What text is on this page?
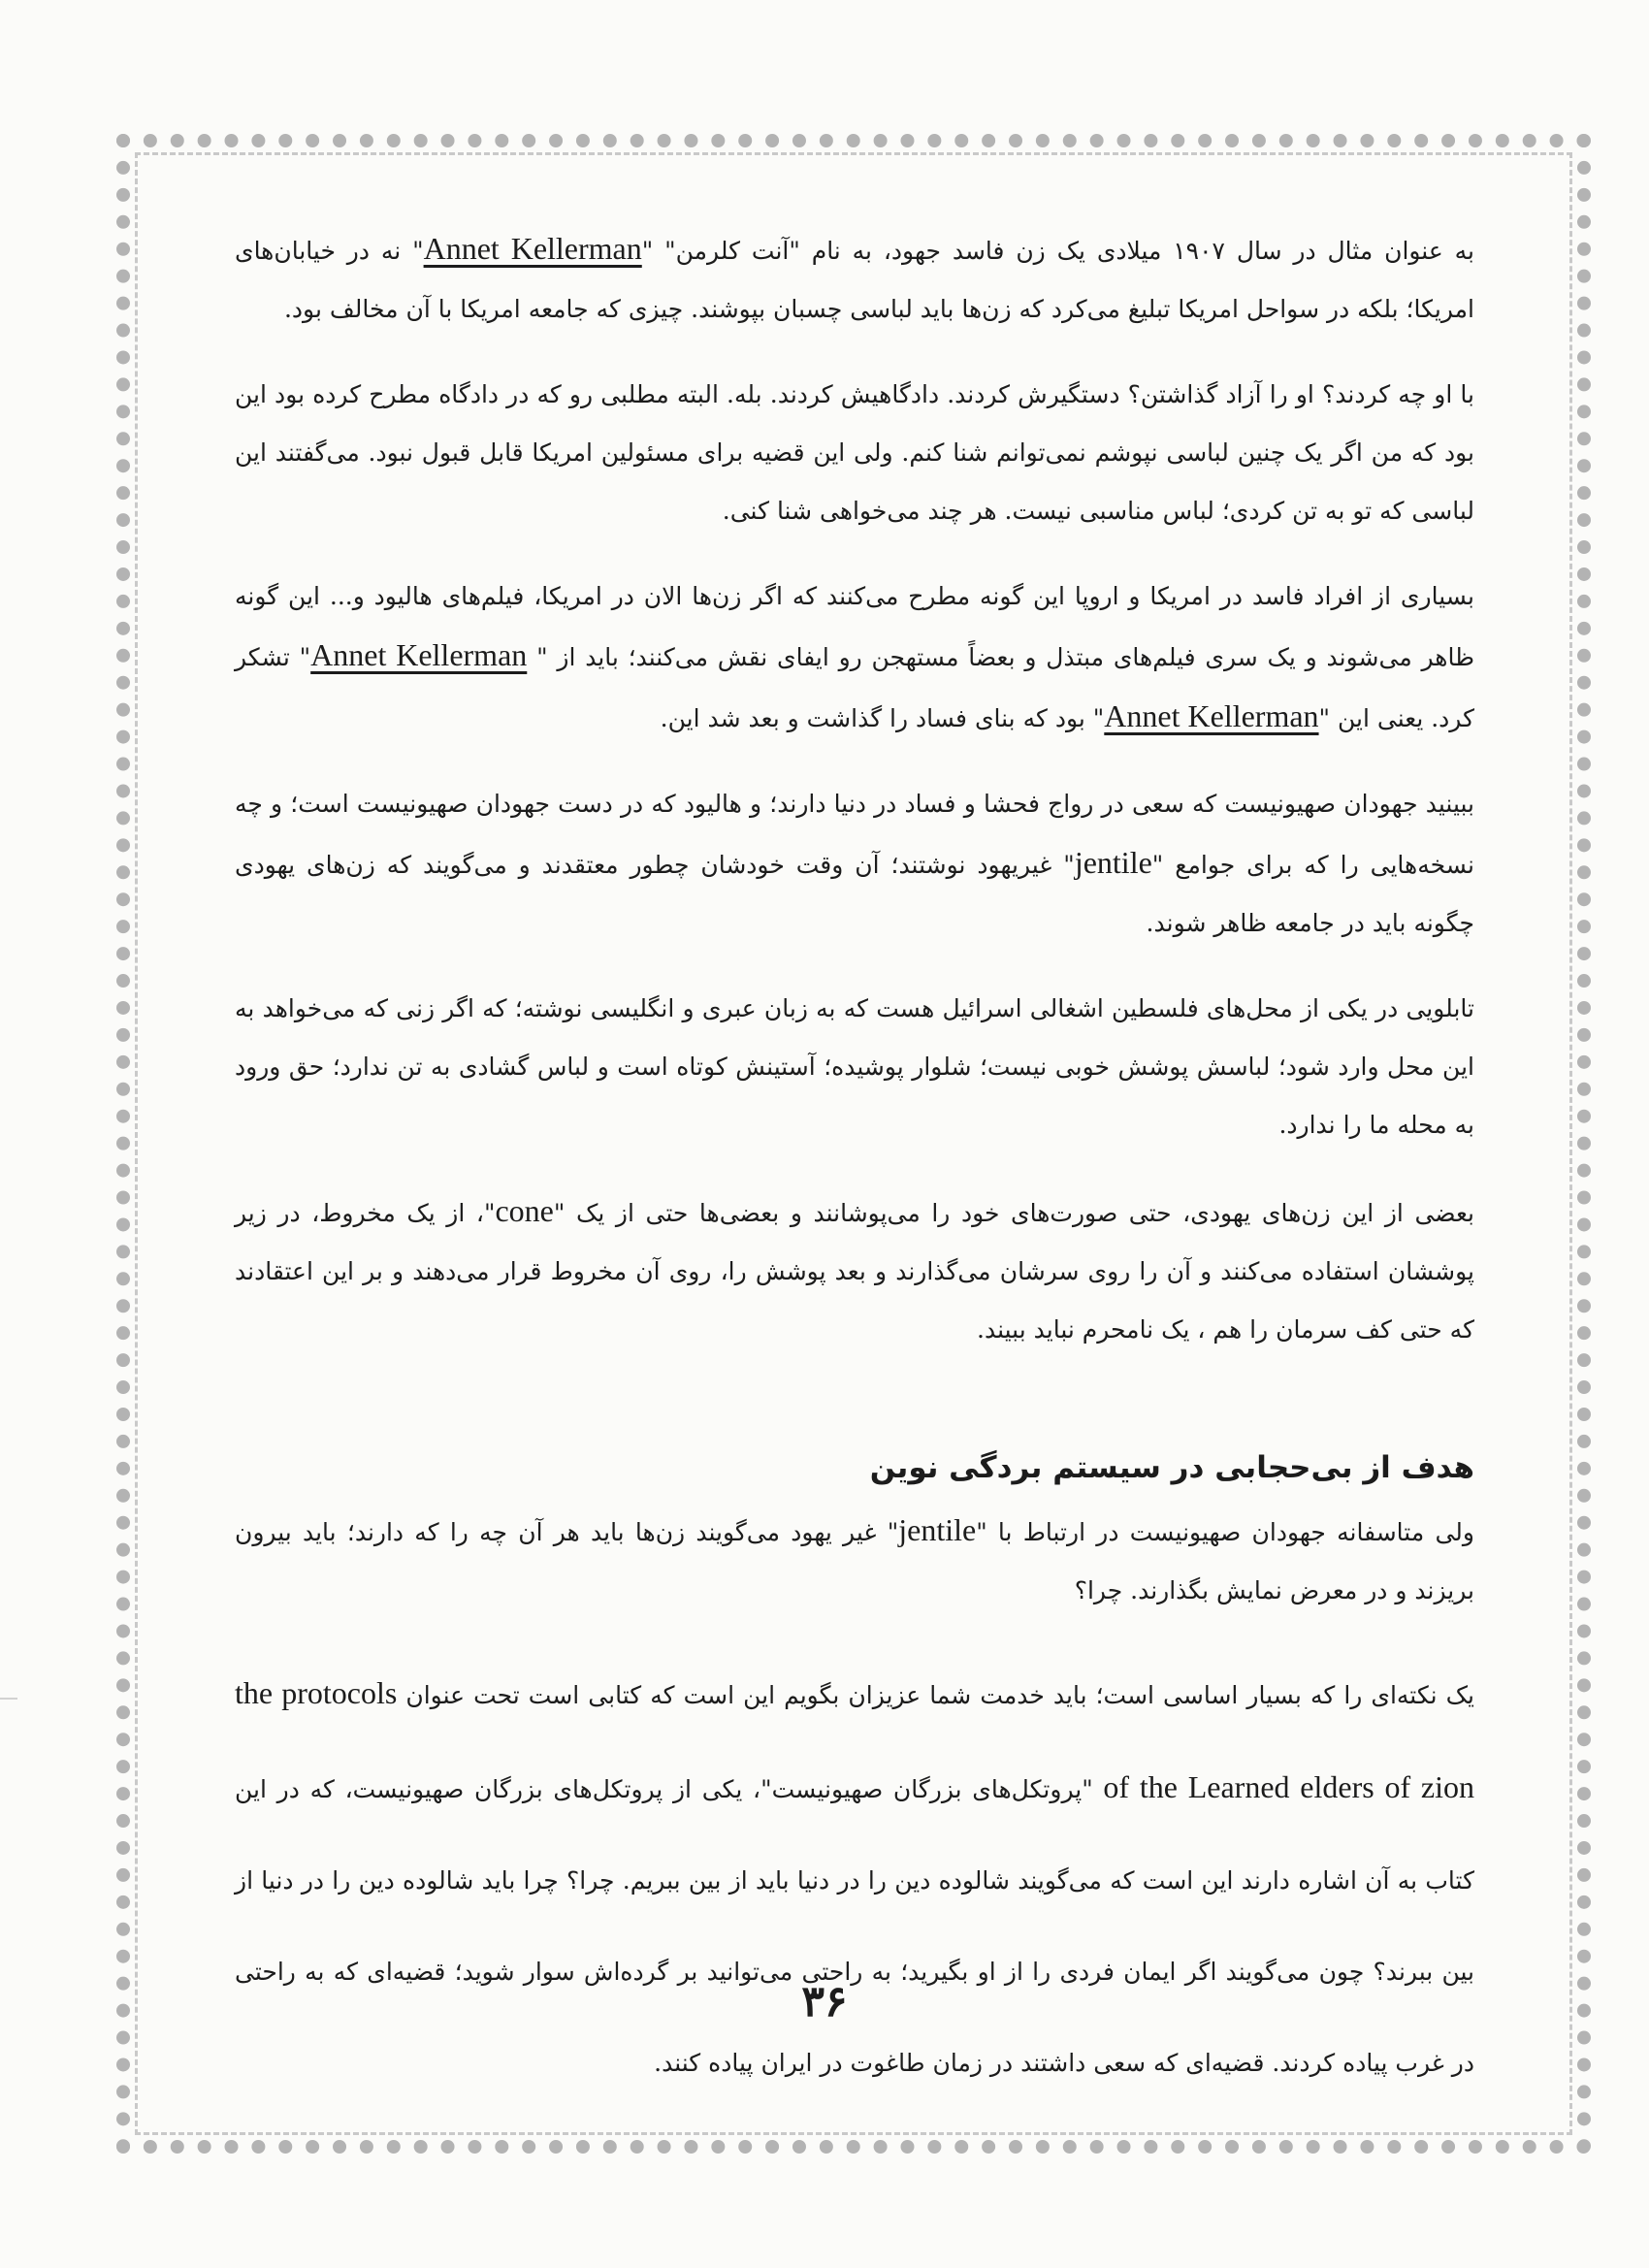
به عنوان مثال در سال ۱۹۰۷ میلادی یک زن فاسد جهود، به نام "آنت کلرمن" "Annet Kellerman" نه در خیابان‌های امریکا؛ بلکه در سواحل امریکا تبلیغ می‌کرد که زن‌ها باید لباسی چسبان بپوشند. چیزی که جامعه امریکا با آن مخالف بود.

با او چه کردند؟ او را آزاد گذاشتن؟ دستگیرش کردند. دادگاهیش کردند. بله. البته مطلبی رو که در دادگاه مطرح کرده بود این بود که من اگر یک چنین لباسی نپوشم نمی‌توانم شنا کنم. ولی این قضیه برای مسئولین امریکا قابل قبول نبود. می‌گفتند این لباسی که تو به تن کردی؛ لباس مناسبی نیست. هر چند می‌خواهی شنا کنی.

بسیاری از افراد فاسد در امریکا و اروپا این گونه مطرح می‌کنند که اگر زن‌ها الان در امریکا، فیلم‌های هالیود و... این گونه ظاهر می‌شوند و یک سری فیلم‌های مبتذل و بعضاً مستهجن رو ایفای نقش می‌کنند؛ باید از " Annet Kellerman" تشکر کرد. یعنی این "Annet Kellerman" بود که بنای فساد را گذاشت و بعد شد این.

ببینید جهودان صهیونیست که سعی در رواج فحشا و فساد در دنیا دارند؛ و هالیود که در دست جهودان صهیونیست است؛ و چه نسخه‌هایی را که برای جوامع "jentile" غیریهود نوشتند؛ آن وقت خودشان چطور معتقدند و می‌گویند که زن‌های یهودی چگونه باید در جامعه ظاهر شوند.

تابلویی در یکی از محل‌های فلسطین اشغالی اسرائیل هست که به زبان عبری و انگلیسی نوشته؛ که اگر زنی که می‌خواهد به این محل وارد شود؛ لباسش پوشش خوبی نیست؛ شلوار پوشیده؛ آستینش کوتاه است و لباس گشادی به تن ندارد؛ حق ورود به محله ما را ندارد.

بعضی از این زن‌های یهودی، حتی صورت‌های خود را می‌پوشانند و بعضی‌ها حتی از یک "cone"، از یک مخروط، در زیر پوششان استفاده می‌کنند و آن را روی سرشان می‌گذارند و بعد پوشش را، روی آن مخروط قرار می‌دهند و بر این اعتقادند که حتی کف سرمان را هم ، یک نامحرم نباید ببیند.

هدف از بی‌حجابی در سیستم بردگی نوین

ولی متاسفانه جهودان صهیونیست در ارتباط با "jentile" غیر یهود می‌گویند زن‌ها باید هر آن چه را که دارند؛ باید بیرون بریزند و در معرض نمایش بگذارند. چرا؟

یک نکته‌ای را که بسیار اساسی است؛ باید خدمت شما عزیزان بگویم این است که کتابی است تحت عنوان the protocols of the Learned elders of zion "پروتکل‌های بزرگان صهیونیست"، یکی از پروتکل‌های بزرگان صهیونیست، که در این کتاب به آن اشاره دارند این است که می‌گویند شالوده دین را در دنیا باید از بین ببریم. چرا؟ چرا باید شالوده دین را در دنیا از بین ببرند؟ چون می‌گویند اگر ایمان فردی را از او بگیرید؛ به راحتی می‌توانید بر گرده‌اش سوار شوید؛ قضیه‌ای که به راحتی در غرب پیاده کردند. قضیه‌ای که سعی داشتند در زمان طاغوت در ایران پیاده کنند.

۳۶
